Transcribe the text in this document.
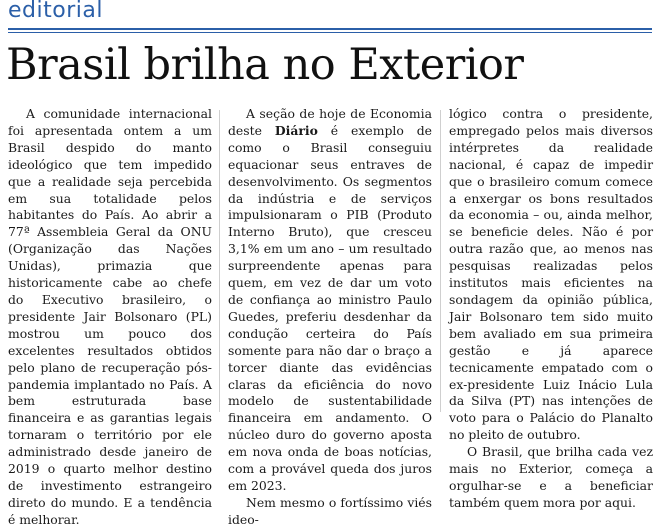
editorial
Brasil brilha no Exterior

A comunidade internacional foi apresentada ontem a um Brasil despido do manto ideológico que tem impedido que a realidade seja percebida em sua totalidade pelos habitantes do País. Ao abrir a 77ª Assembleia Geral da ONU (Organização das Nações Unidas), primazia que historicamente cabe ao chefe do Executivo brasileiro, o presidente Jair Bolsonaro (PL) mostrou um pouco dos excelentes resultados obtidos pelo plano de recuperação pós-pandemia implantado no País. A bem estruturada base financeira e as garantias legais tornaram o território por ele administrado desde janeiro de 2019 o quarto melhor destino de investimento estrangeiro direto do mundo. E a tendência é melhorar.

A seção de hoje de Economia deste Diário é exemplo de como o Brasil conseguiu equacionar seus entraves de desenvolvimento. Os segmentos da indústria e de serviços impulsionaram o PIB (Produto Interno Bruto), que cresceu 3,1% em um ano – um resultado surpreendente apenas para quem, em vez de dar um voto de confiança ao ministro Paulo Guedes, preferiu desdenhar da condução certeira do País somente para não dar o braço a torcer diante das evidências claras da eficiência do novo modelo de sustentabilidade financeira em andamento. O núcleo duro do governo aposta em nova onda de boas notícias, com a provável queda dos juros em 2023.

Nem mesmo o fortíssimo viés ideo-

lógico contra o presidente, empregado pelos mais diversos intérpretes da realidade nacional, é capaz de impedir que o brasileiro comum comece a enxergar os bons resultados da economia – ou, ainda melhor, se beneficie deles. Não é por outra razão que, ao menos nas pesquisas realizadas pelos institutos mais eficientes na sondagem da opinião pública, Jair Bolsonaro tem sido muito bem avaliado em sua primeira gestão e já aparece tecnicamente empatado com o ex-presidente Luiz Inácio Lula da Silva (PT) nas intenções de voto para o Palácio do Planalto no pleito de outubro.

O Brasil, que brilha cada vez mais no Exterior, começa a orgulhar-se e a beneficiar também quem mora por aqui.
